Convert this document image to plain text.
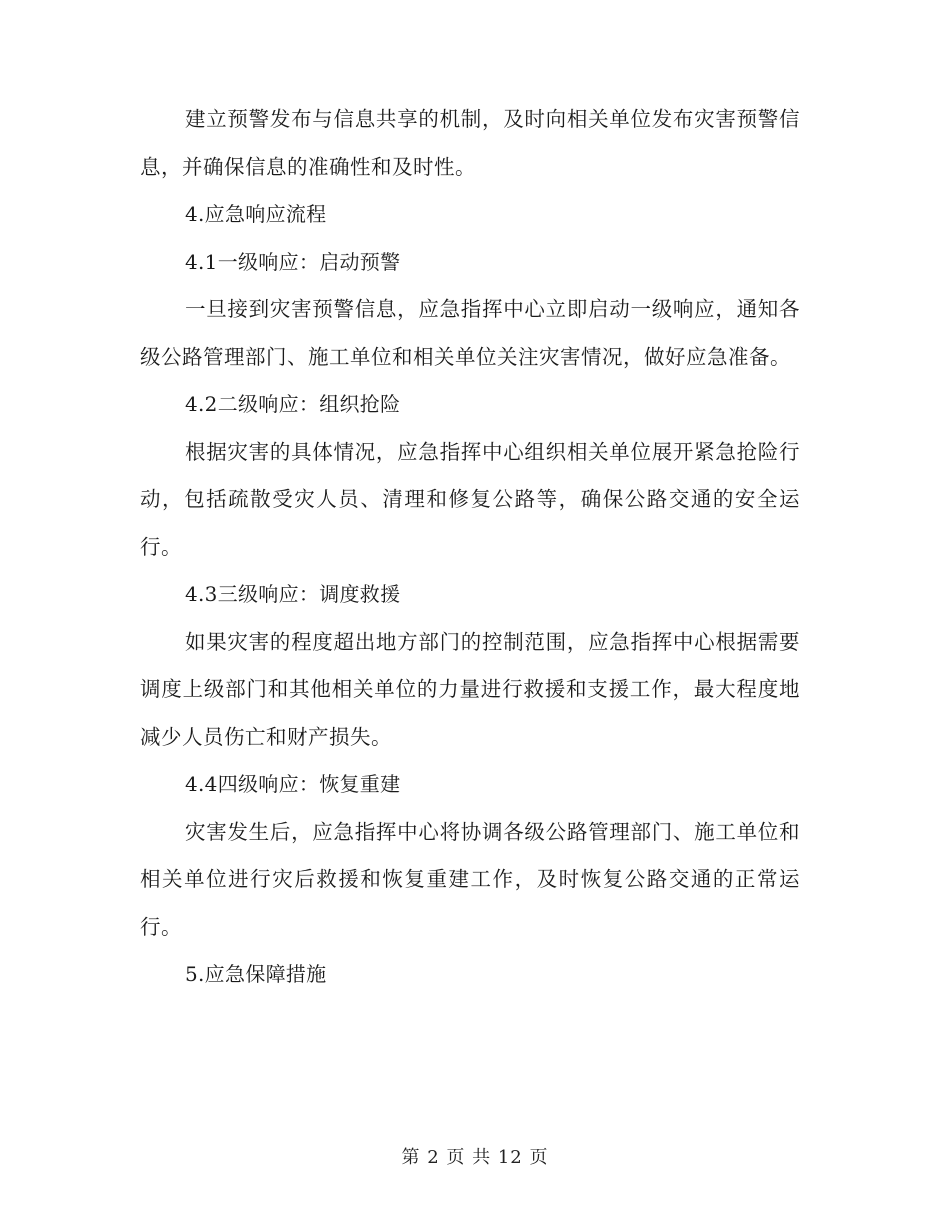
建立预警发布与信息共享的机制，及时向相关单位发布灾害预警信息，并确保信息的准确性和及时性。

4.应急响应流程

4.1一级响应：启动预警

一旦接到灾害预警信息，应急指挥中心立即启动一级响应，通知各级公路管理部门、施工单位和相关单位关注灾害情况，做好应急准备。

4.2二级响应：组织抢险

根据灾害的具体情况，应急指挥中心组织相关单位展开紧急抢险行动，包括疏散受灾人员、清理和修复公路等，确保公路交通的安全运行。

4.3三级响应：调度救援

如果灾害的程度超出地方部门的控制范围，应急指挥中心根据需要调度上级部门和其他相关单位的力量进行救援和支援工作，最大程度地减少人员伤亡和财产损失。

4.4四级响应：恢复重建

灾害发生后，应急指挥中心将协调各级公路管理部门、施工单位和相关单位进行灾后救援和恢复重建工作，及时恢复公路交通的正常运行。

5.应急保障措施

第 2 页 共 12 页
